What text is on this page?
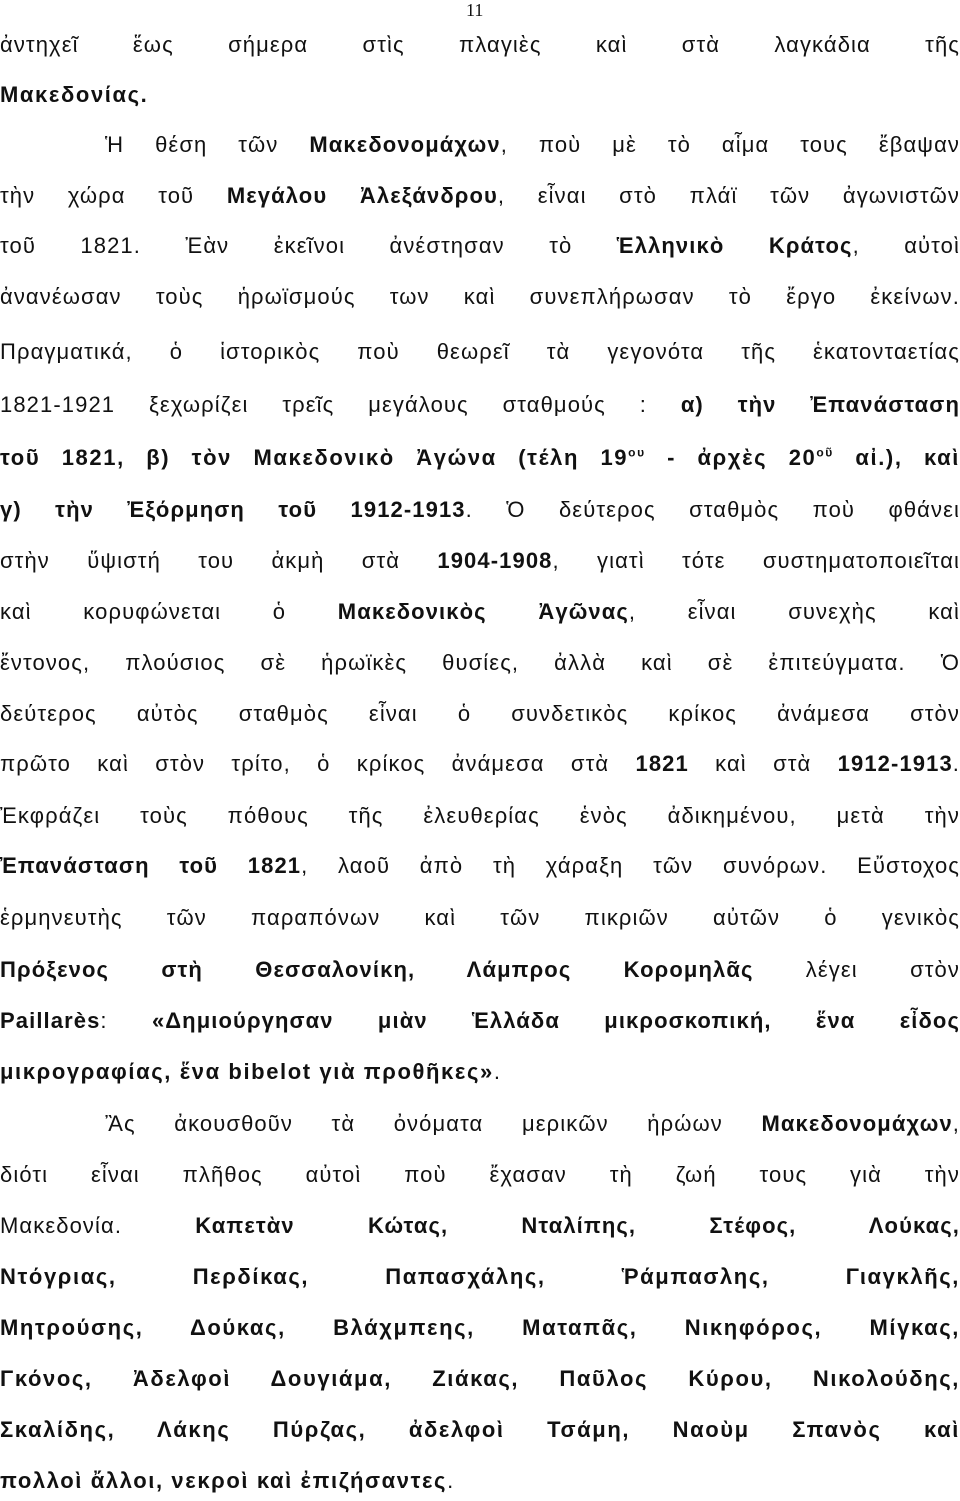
11
ἀντηχεῖ ἕως σήμερα στὶς πλαγιὲς καὶ στὰ λαγκάδια τῆς
Μακεδονίας.
Ἡ θέση τῶν Μακεδονομάχων, ποὺ μὲ τὸ αἷμα τους ἔβαψαν
τὴν χώρα τοῦ Μεγάλου Ἀλεξάνδρου, εἶναι στὸ πλάϊ τῶν ἀγωνιστῶν
τοῦ 1821. Ἐὰν ἐκεῖνοι ἀνέστησαν τὸ Ἑλληνικὸ Κράτος, αὐτοὶ
ἀνανέωσαν τοὺς ἡρωϊσμούς των καὶ συνεπλήρωσαν τὸ ἔργο ἐκείνων.
Πραγματικά, ὁ ἱστορικὸς ποὺ θεωρεῖ τὰ γεγονότα τῆς ἑκατονταετίας
1821-1921 ξεχωρίζει τρεῖς μεγάλους σταθμούς : α) τὴν Ἐπανάσταση
τοῦ 1821, β) τὸν Μακεδονικὸ Ἀγώνα (τέλη $19^{o\upsilon}$ - ἀρχὲς $20^{oῦ}$ αἰ.), καὶ
γ) τὴν Ἐξόρμηση τοῦ 1912-1913. Ὁ δεύτερος σταθμὸς ποὺ φθάνει
στὴν ὕψιστή του ἀκμὴ στὰ 1904-1908, γιατὶ τότε συστηματοποιεῖται
καὶ κορυφώνεται ὁ Μακεδονικὸς Ἀγῶνας, εἶναι συνεχὴς καὶ
ἔντονος, πλούσιος σὲ ἡρωϊκὲς θυσίες, ἀλλὰ καὶ σὲ ἐπιτεύγματα. Ὁ
δεύτερος αὐτὸς σταθμὸς εἶναι ὁ συνδετικὸς κρίκος ἀνάμεσα στὸν
πρῶτο καὶ στὸν τρίτο, ὁ κρίκος ἀνάμεσα στὰ 1821 καὶ στὰ 1912-1913.
Ἐκφράζει τοὺς πόθους τῆς ἐλευθερίας ἑνὸς ἀδικημένου, μετὰ τὴν
Ἐπανάσταση τοῦ 1821, λαοῦ ἀπὸ τὴ χάραξη τῶν συνόρων. Εὔστοχος
ἑρμηνευτὴς τῶν παραπόνων καὶ τῶν πικριῶν αὐτῶν ὁ γενικὸς
Πρόξενος στὴ Θεσσαλονίκη, Λάμπρος Κορομηλᾶς λέγει στὸν
Paillarès: «Δημιούργησαν μιὰν Ἑλλάδα μικροσκοπική, ἕνα εἶδος
μικρογραφίας, ἕνα bibelot γιὰ προθῆκες».
Ἂς ἀκουσθοῦν τὰ ὀνόματα μερικῶν ἡρώων Μακεδονομάχων,
διότι εἶναι πλῆθος αὐτοὶ ποὺ ἔχασαν τὴ ζωή τους γιὰ τὴν
Μακεδονία. Καπετὰν Κώτας, Νταλίπης, Στέφος, Λούκας,
Ντόγριας, Περδίκας, Παπασχάλης, Ῥάμπασλης, Γιαγκλῆς,
Μητρούσης, Δούκας, Βλάχμπεης, Ματαπᾶς, Νικηφόρος, Μίγκας,
Γκόνος, Ἀδελφοὶ Δουγιάμα, Ζιάκας, Παῦλος Κύρου, Νικολούδης,
Σκαλίδης, Λάκης Πύρζας, ἀδελφοὶ Τσάμη, Ναοὺμ Σπανὸς καὶ
πολλοὶ ἄλλοι, νεκροὶ καὶ ἐπιζήσαντες.
